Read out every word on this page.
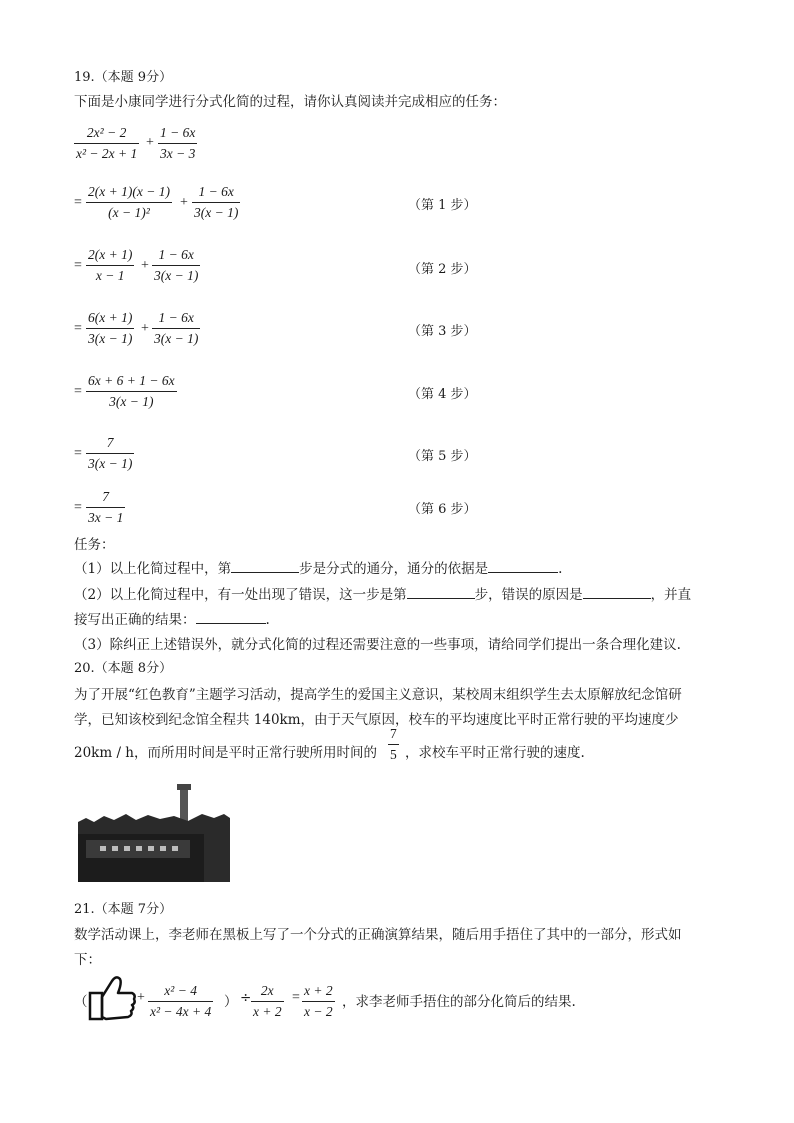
19.（本题 9分）
下面是小康同学进行分式化简的过程，请你认真阅读并完成相应的任务：
2x² − 2
x² − 2x + 1
+
1 − 6x
3x − 3
=
2(x + 1)(x − 1)
(x − 1)²
+
1 − 6x
3(x − 1)	（第 1 步）
=
2(x + 1)
x − 1
+
1 − 6x
3(x − 1)	（第 2 步）
=
6(x + 1)
3(x − 1)
+
1 − 6x
3(x − 1)	（第 3 步）
=
6x + 6 + 1 − 6x
3(x − 1)	（第 4 步）
=
7
3(x − 1)	（第 5 步）
=
7
3x − 1
（第 6 步）
任务：
（1）以上化简过程中，第	步是分式的通分，通分的依据是	.
（2）以上化简过程中，有一处出现了错误，这一步是第	步，错误的原因是	，并直
接写出正确的结果：	.
（3）除纠正上述错误外，就分式化简的过程还需要注意的一些事项，请给同学们提出一条合理化建议.
20.（本题 8分）
为了开展“红色教育”主题学习活动，提高学生的爱国主义意识，某校周末组织学生去太原解放纪念馆研
学，已知该校到纪念馆全程共 140km，由于天气原因，校车的平均速度比平时正常行驶的平均速度少
20km / h，而所用时间是平时正常行驶所用时间的
7
5 ，求校车平时正常行驶的速度.
21.（本题 7分）
数学活动课上，李老师在黑板上写了一个分式的正确演算结果，随后用手捂住了其中的一部分，形式如
下：
（	+	x² − 4
x² − 4x + 4
） ÷ 2x
x + 2
= x + 2
x − 2
，求李老师手捂住的部分化简后的结果.
